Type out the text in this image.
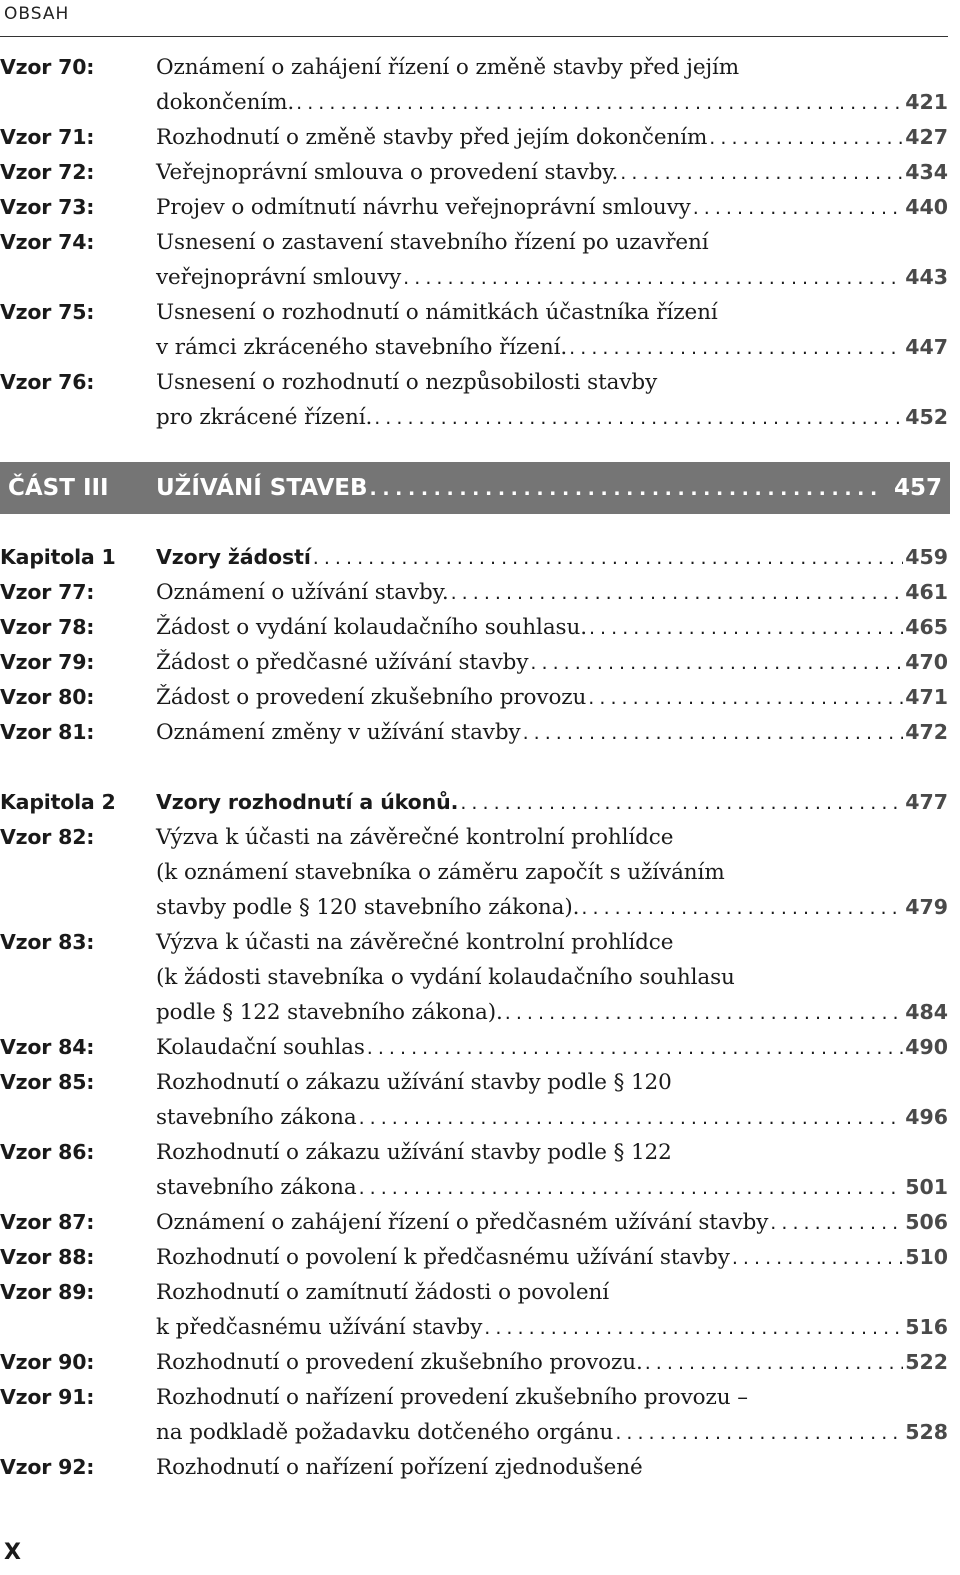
OBSAH
Vzor 70:	Oznámení o zahájení řízení o změně stavby před jejím
dokončením. . . .	421
Vzor 71:	Rozhodnutí o změně stavby před jejím dokončením . . .	427
Vzor 72:	Veřejnoprávní smlouva o provedení stavby. . . .	434
Vzor 73:	Projev o odmítnutí návrhu veřejnoprávní smlouvy . . .	440
Vzor 74:	Usnesení o zastavení stavebního řízení po uzavření
veřejnoprávní smlouvy . . .	443
Vzor 75:	Usnesení o rozhodnutí o námitkách účastníka řízení
v rámci zkráceného stavebního řízení. . . .	447
Vzor 76:	Usnesení o rozhodnutí o nezpůsobilosti stavby
pro zkrácené řízení. . . .	452
ČÁST III UŽÍVÁNÍ STAVEB . . .	457
Kapitola 1 Vzory žádostí . . .	459
Vzor 77:	Oznámení o užívání stavby. . . .	461
Vzor 78:	Žádost o vydání kolaudačního souhlasu. . . .	465
Vzor 79:	Žádost o předčasné užívání stavby . . .	470
Vzor 80:	Žádost o provedení zkušebního provozu . . .	471
Vzor 81:	Oznámení změny v užívání stavby . . .	472
Kapitola 2 Vzory rozhodnutí a úkonů. . . .	477
Vzor 82:	Výzva k účasti na závěrečné kontrolní prohlídce
(k oznámení stavebníka o záměru započít s užíváním
stavby podle § 120 stavebního zákona). . . .	479
Vzor 83:	Výzva k účasti na závěrečné kontrolní prohlídce
(k žádosti stavebníka o vydání kolaudačního souhlasu
podle § 122 stavebního zákona). . . .	484
Vzor 84:	Kolaudační souhlas . . .	490
Vzor 85:	Rozhodnutí o zákazu užívání stavby podle § 120
stavebního zákona . . .	496
Vzor 86:	Rozhodnutí o zákazu užívání stavby podle § 122
stavebního zákona . . .	501
Vzor 87:	Oznámení o zahájení řízení o předčasném užívání stavby . . .	506
Vzor 88:	Rozhodnutí o povolení k předčasnému užívání stavby . . .	510
Vzor 89:	Rozhodnutí o zamítnutí žádosti o povolení
k předčasnému užívání stavby . . .	516
Vzor 90:	Rozhodnutí o provedení zkušebního provozu. . . .	522
Vzor 91:	Rozhodnutí o nařízení provedení zkušebního provozu –
na podkladě požadavku dotčeného orgánu . . .	528
Vzor 92:	Rozhodnutí o nařízení pořízení zjednodušené
X
